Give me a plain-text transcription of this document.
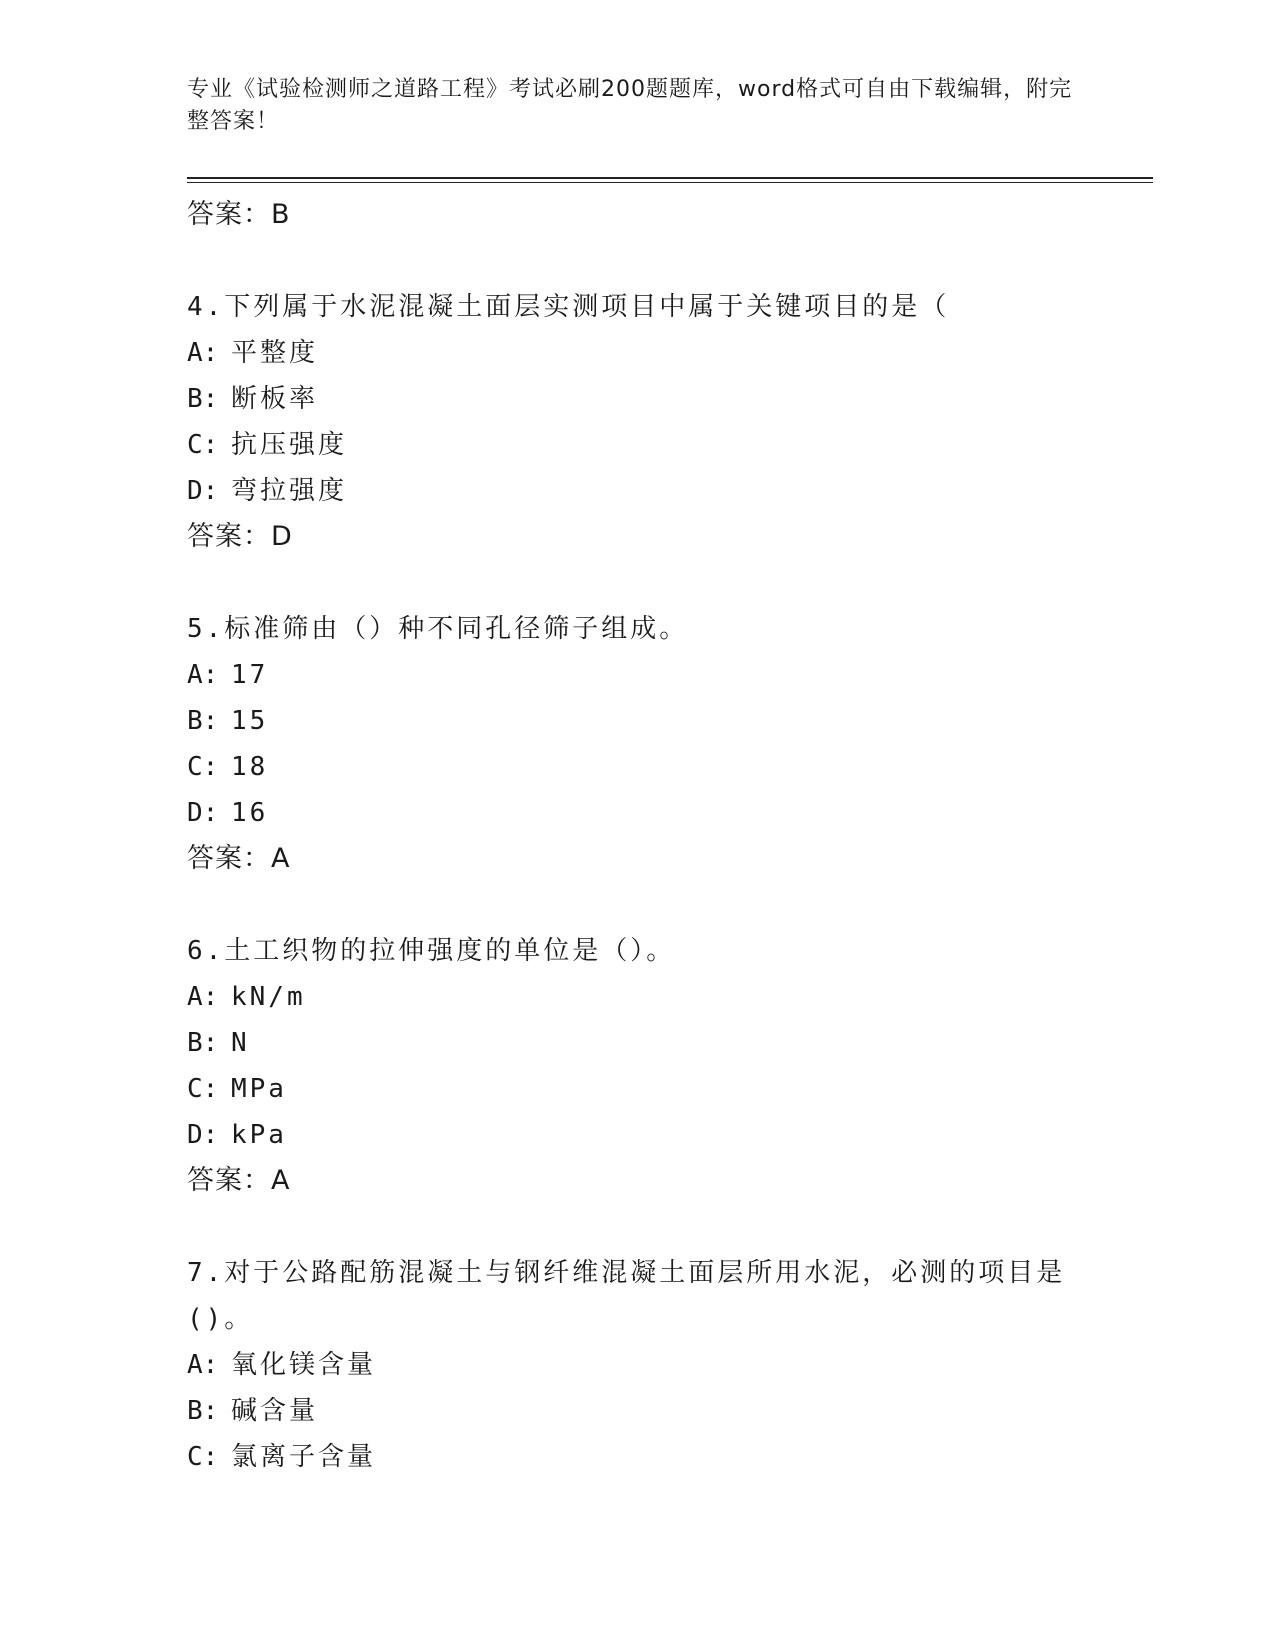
专业《试验检测师之道路工程》考试必刷200题题库，word格式可自由下载编辑，附完整答案！
答案：B
4.下列属于水泥混凝土面层实测项目中属于关键项目的是（
A: 平整度
B: 断板率
C: 抗压强度
D: 弯拉强度
答案：D
5.标准筛由（）种不同孔径筛子组成。
A: 17
B: 15
C: 18
D: 16
答案：A
6.土工织物的拉伸强度的单位是（）。
A: kN/m
B: N
C: MPa
D: kPa
答案：A
7.对于公路配筋混凝土与钢纤维混凝土面层所用水泥，必测的项目是()。
A: 氧化镁含量
B: 碱含量
C: 氯离子含量
